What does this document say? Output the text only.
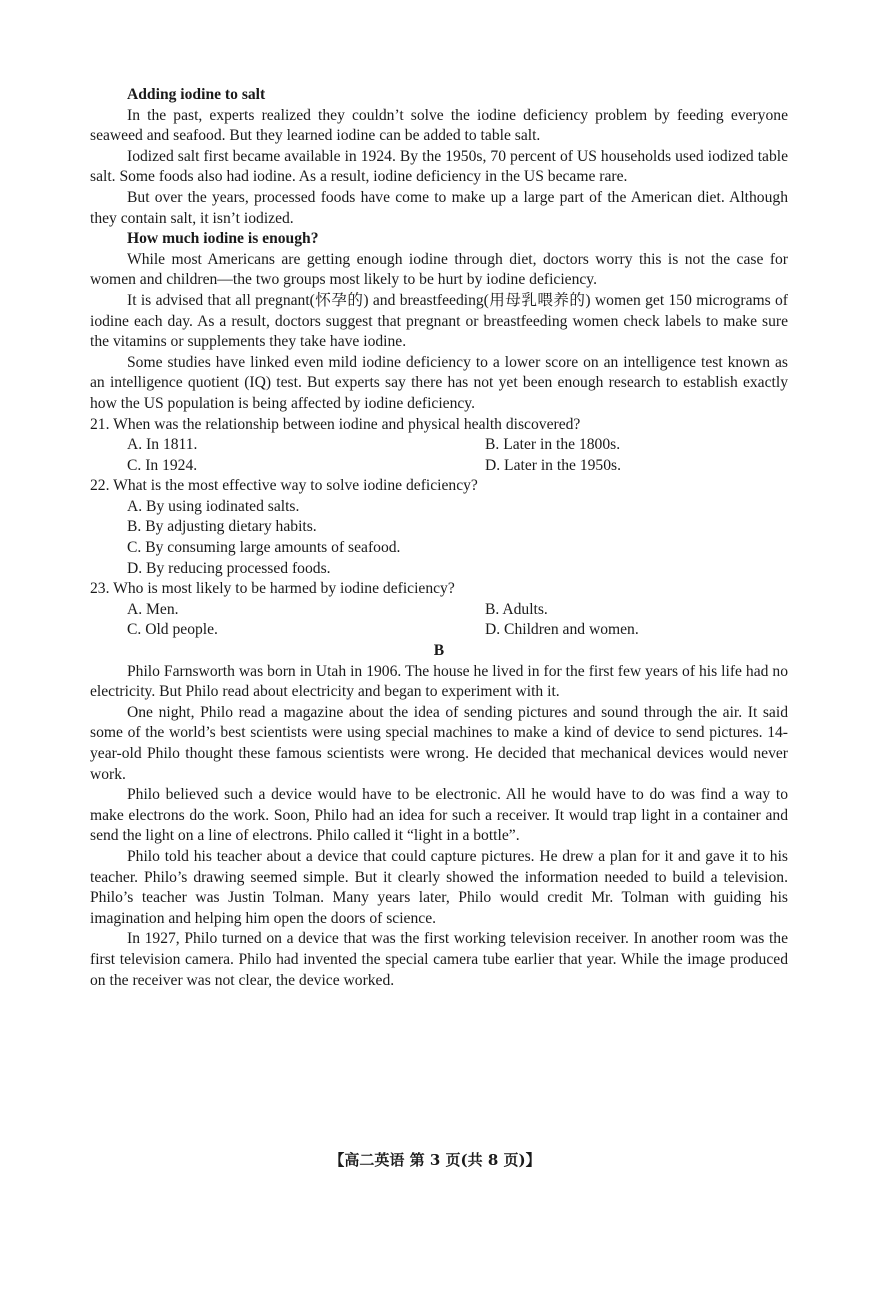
Adding iodine to salt

In the past, experts realized they couldn’t solve the iodine deficiency problem by feeding everyone seaweed and seafood. But they learned iodine can be added to table salt.

Iodized salt first became available in 1924. By the 1950s, 70 percent of US households used iodized table salt. Some foods also had iodine. As a result, iodine deficiency in the US became rare.

But over the years, processed foods have come to make up a large part of the American diet. Although they contain salt, it isn’t iodized.

How much iodine is enough?

While most Americans are getting enough iodine through diet, doctors worry this is not the case for women and children—the two groups most likely to be hurt by iodine deficiency.

It is advised that all pregnant(怀孕的) and breastfeeding(用母乳喂养的) women get 150 micrograms of iodine each day. As a result, doctors suggest that pregnant or breastfeeding women check labels to make sure the vitamins or supplements they take have iodine.

Some studies have linked even mild iodine deficiency to a lower score on an intelligence test known as an intelligence quotient (IQ) test. But experts say there has not yet been enough research to establish exactly how the US population is being affected by iodine deficiency.

21. When was the relationship between iodine and physical health discovered?

A. In 1811.	B. Later in the 1800s.
C. In 1924.	D. Later in the 1950s.

22. What is the most effective way to solve iodine deficiency?

A. By using iodinated salts.
B. By adjusting dietary habits.
C. By consuming large amounts of seafood.
D. By reducing processed foods.

23. Who is most likely to be harmed by iodine deficiency?

A. Men.	B. Adults.
C. Old people.	D. Children and women.
B

Philo Farnsworth was born in Utah in 1906. The house he lived in for the first few years of his life had no electricity. But Philo read about electricity and began to experiment with it.

One night, Philo read a magazine about the idea of sending pictures and sound through the air. It said some of the world’s best scientists were using special machines to make a kind of device to send pictures. 14-year-old Philo thought these famous scientists were wrong. He decided that mechanical devices would never work.

Philo believed such a device would have to be electronic. All he would have to do was find a way to make electrons do the work. Soon, Philo had an idea for such a receiver. It would trap light in a container and send the light on a line of electrons. Philo called it “light in a bottle”.

Philo told his teacher about a device that could capture pictures. He drew a plan for it and gave it to his teacher. Philo’s drawing seemed simple. But it clearly showed the information needed to build a television. Philo’s teacher was Justin Tolman. Many years later, Philo would credit Mr. Tolman with guiding his imagination and helping him open the doors of science.

In 1927, Philo turned on a device that was the first working television receiver. In another room was the first television camera. Philo had invented the special camera tube earlier that year. While the image produced on the receiver was not clear, the device worked.

【高二英语 第 3 页(共 8 页)】
